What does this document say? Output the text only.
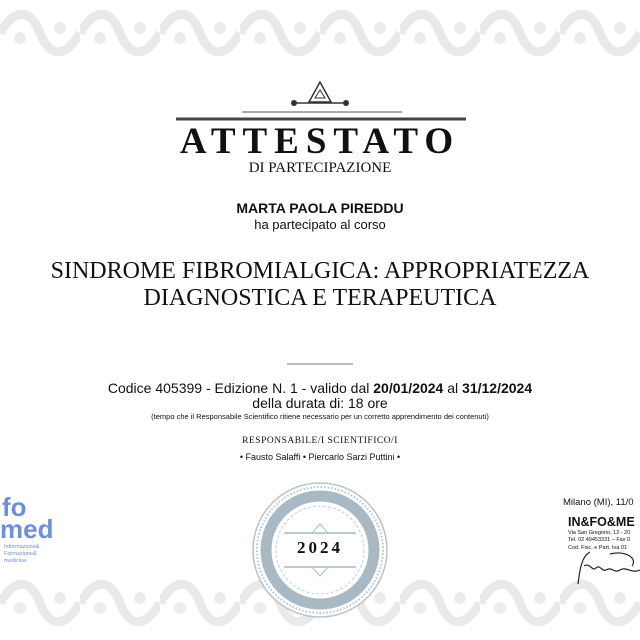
ATTESTATO
DI PARTECIPAZIONE
MARTA PAOLA PIREDDU
ha partecipato al corso
SINDROME FIBROMIALGICA: APPROPRIATEZZA
DIAGNOSTICA E TERAPEUTICA
Codice 405399 - Edizione N. 1 - valido dal 20/01/2024 al 31/12/2024
della durata di: 18 ore
(tempo che il Responsabile Scientifico ritiene necessario per un corretto apprendimento dei contenuti)
RESPONSABILE/I SCIENTIFICO/I
• Fausto Salaffi • Piercarlo Sarzi Puttini •
2024
fo
med
Informazione&
Formazione&
medicina
Milano (MI), 11/0
IN&FO&ME
Via San Gregorio, 12 - 20
Tel. 02 49453331 – Fax 0
Cod. Fisc. e Part. Iva 01
